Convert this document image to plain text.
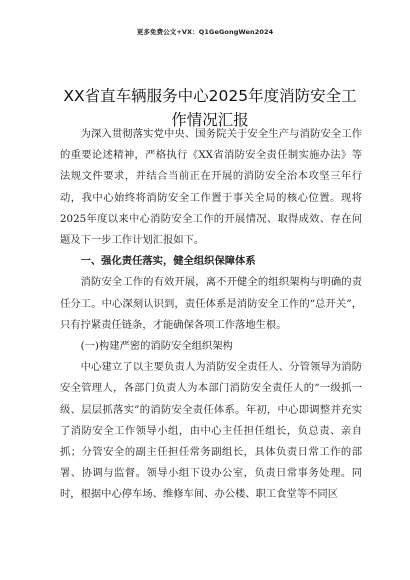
更多免费公文+VX：Q1GeGongWen2024
XX省直车辆服务中心2025年度消防安全工作情况汇报

为深入贯彻落实党中央、国务院关于安全生产与消防安全工作的重要论述精神，严格执行《XX省消防安全责任制实施办法》等法规文件要求，并结合当前正在开展的消防安全治本攻坚三年行动，我中心始终将消防安全工作置于事关全局的核心位置。现将2025年度以来中心消防安全工作的开展情况、取得成效、存在问题及下一步工作计划汇报如下。

一、强化责任落实，健全组织保障体系

消防安全工作的有效开展，离不开健全的组织架构与明确的责任分工。中心深刻认识到，责任体系是消防安全工作的“总开关”，只有拧紧责任链条，才能确保各项工作落地生根。

(一)构建严密的消防安全组织架构

中心建立了以主要负责人为消防安全责任人、分管领导为消防安全管理人，各部门负责人为本部门消防安全责任人的“一级抓一级、层层抓落实”的消防安全责任体系。年初，中心即调整并充实了消防安全工作领导小组，由中心主任担任组长，负总责、亲自抓；分管安全的副主任担任常务副组长，具体负责日常工作的部署、协调与监督。领导小组下设办公室，负责日常事务处理。同时，根据中心停车场、维修车间、办公楼、职工食堂等不同区
